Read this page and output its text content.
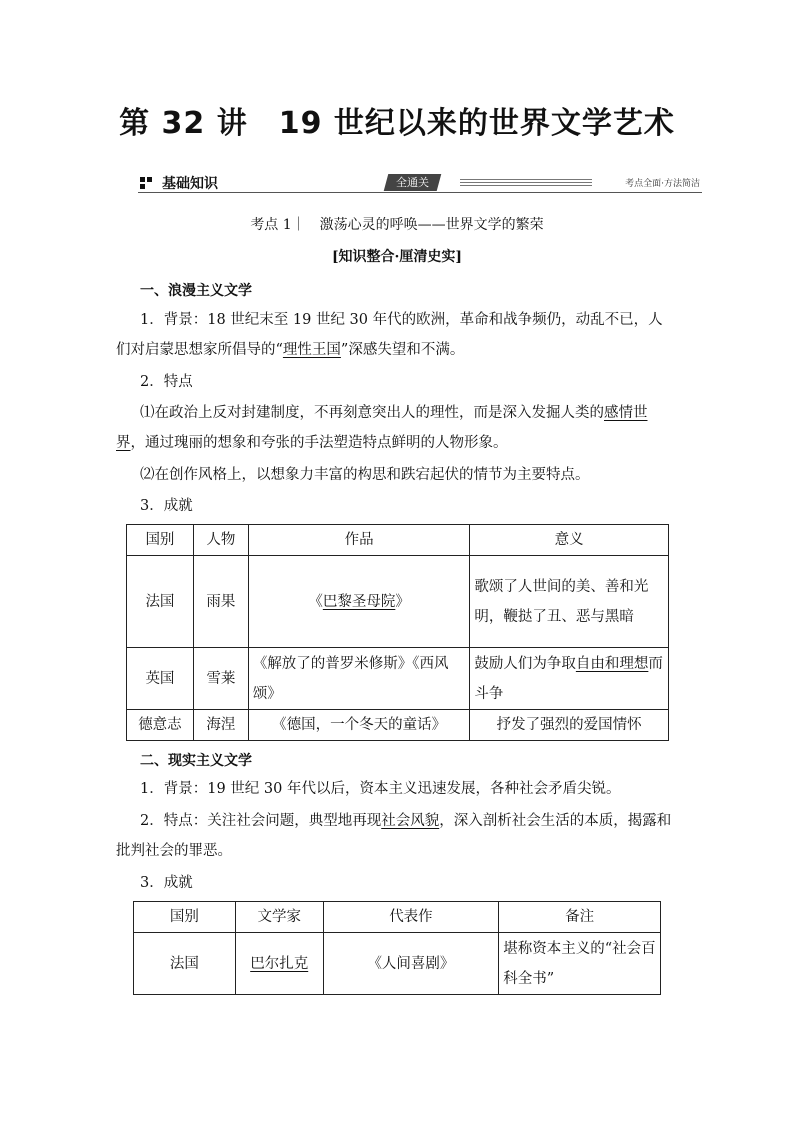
第 32 讲　19 世纪以来的世界文学艺术
基础知识	全通关	考点全面·方法简洁
考点 1｜　激荡心灵的呼唤——世界文学的繁荣
[知识整合·厘清史实]
一、浪漫主义文学
1．背景：18 世纪末至 19 世纪 30 年代的欧洲，革命和战争频仍，动乱不已，人们对启蒙思想家所倡导的“理性王国”深感失望和不满。
2．特点
⑴在政治上反对封建制度，不再刻意突出人的理性，而是深入发掘人类的感情世界，通过瑰丽的想象和夸张的手法塑造特点鲜明的人物形象。
⑵在创作风格上，以想象力丰富的构思和跌宕起伏的情节为主要特点。
3．成就
国别	人物	作品	意义
法国	雨果	《巴黎圣母院》	歌颂了人世间的美、善和光明，鞭挞了丑、恶与黑暗
英国	雪莱	《解放了的普罗米修斯》《西风颂》	鼓励人们为争取自由和理想而斗争
德意志	海涅	《德国，一个冬天的童话》	抒发了强烈的爱国情怀
二、现实主义文学
1．背景：19 世纪 30 年代以后，资本主义迅速发展，各种社会矛盾尖锐。
2．特点：关注社会问题，典型地再现社会风貌，深入剖析社会生活的本质，揭露和批判社会的罪恶。
3．成就
国别	文学家	代表作	备注
法国	巴尔扎克	《人间喜剧》	堪称资本主义的“社会百科全书”
